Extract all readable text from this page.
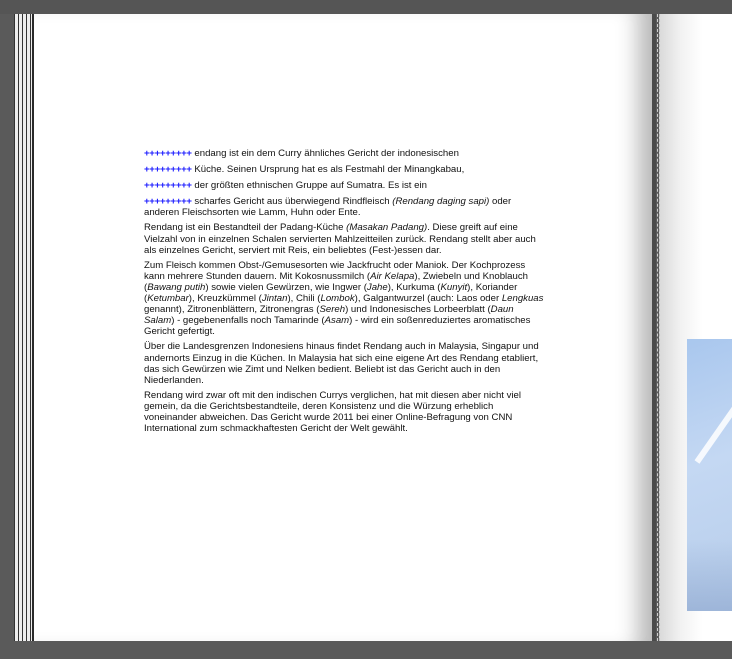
+++++++++ endang ist ein dem Curry ähnliches Gericht der indonesischen
+++++++++ Küche. Seinen Ursprung hat es als Festmahl der Minangkabau,
+++++++++ der größten ethnischen Gruppe auf Sumatra. Es ist ein
+++++++++ scharfes Gericht aus überwiegend Rindfleisch (Rendang daging sapi) oder anderen Fleischsorten wie Lamm, Huhn oder Ente.
Rendang ist ein Bestandteil der Padang-Küche (Masakan Padang). Diese greift auf eine Vielzahl von in einzelnen Schalen servierten Mahlzeitteilen zurück. Rendang stellt aber auch als einzelnes Gericht, serviert mit Reis, ein beliebtes (Fest-)essen dar.
Zum Fleisch kommen Obst-/Gemusesorten wie Jackfrucht oder Maniok. Der Kochprozess kann mehrere Stunden dauern. Mit Kokosnussmilch (Air Kelapa), Zwiebeln und Knoblauch (Bawang putih) sowie vielen Gewürzen, wie Ingwer (Jahe), Kurkuma (Kunyit), Koriander (Ketumbar), Kreuzkümmel (Jintan), Chili (Lombok), Galgantwurzel (auch: Laos oder Lengkuas genannt), Zitronenblättern, Zitronengras (Sereh) und Indonesisches Lorbeerblatt (Daun Salam) - gegebenenfalls noch Tamarinde (Asam) - wird ein soßenreduziertes aromatisches Gericht gefertigt.
Über die Landesgrenzen Indonesiens hinaus findet Rendang auch in Malaysia, Singapur und andernorts Einzug in die Küchen. In Malaysia hat sich eine eigene Art des Rendang etabliert, das sich Gewürzen wie Zimt und Nelken bedient. Beliebt ist das Gericht auch in den Niederlanden.
Rendang wird zwar oft mit den indischen Currys verglichen, hat mit diesen aber nicht viel gemein, da die Gerichtsbestandteile, deren Konsistenz und die Würzung erheblich voneinander abweichen. Das Gericht wurde 2011 bei einer Online-Befragung von CNN International zum schmackhaftesten Gericht der Welt gewählt.
